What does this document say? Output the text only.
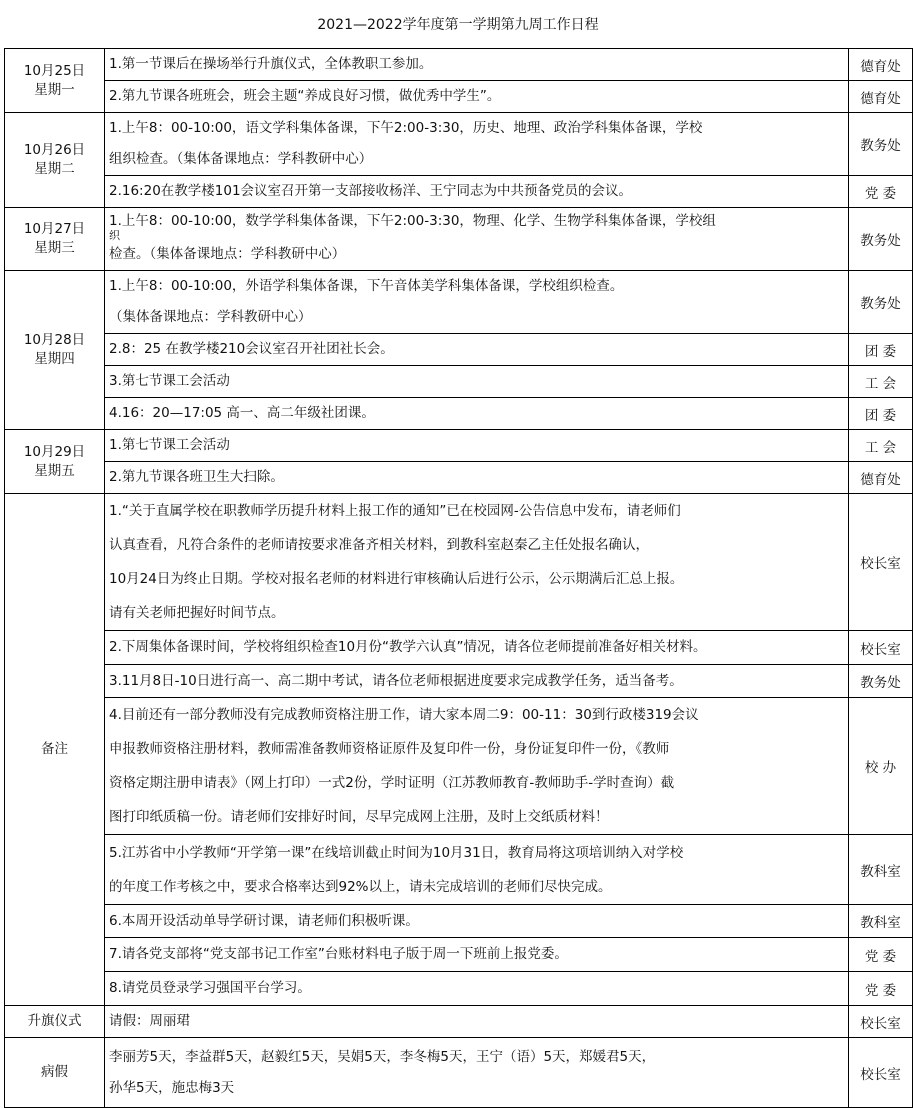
2021—2022学年度第一学期第九周工作日程
10月25日
星期一	1.第一节课后在操场举行升旗仪式，全体教职工参加。	德育处

	2.第九节课各班班会，班会主题“养成良好习惯，做优秀中学生”。	德育处

10月26日
星期二	1.上午8：00-10:00，语文学科集体备课，下午2:00-3:30，历史、地理、政治学科集体备课，学校
组织检查。（集体备课地点：学科教研中心）	教务处

	2.16:20在教学楼101会议室召开第一支部接收杨洋、王宁同志为中共预备党员的会议。	党 委

10月27日
星期三	1.上午8：00-10:00，数学学科集体备课，下午2:00-3:30，物理、化学、生物学科集体备课，学校组
织
检查。（集体备课地点：学科教研中心）	教务处

10月28日
星期四	1.上午8：00-10:00，外语学科集体备课，下午音体美学科集体备课，学校组织检查。
（集体备课地点：学科教研中心）	教务处

	2.8：25 在教学楼210会议室召开社团社长会。	团 委

	3.第七节课工会活动	工 会

	4.16：20—17:05 高一、高二年级社团课。	团 委

10月29日
星期五	1.第七节课工会活动	工 会

	2.第九节课各班卫生大扫除。	德育处
备注	1.“关于直属学校在职教师学历提升材料上报工作的通知”已在校园网-公告信息中发布，请老师们
认真查看，凡符合条件的老师请按要求准备齐相关材料，到教科室赵秦乙主任处报名确认，
10月24日为终止日期。学校对报名老师的材料进行审核确认后进行公示，公示期满后汇总上报。
请有关老师把握好时间节点。	校长室

	2.下周集体备课时间，学校将组织检查10月份“教学六认真”情况，请各位老师提前准备好相关材料。	校长室

	3.11月8日-10日进行高一、高二期中考试，请各位老师根据进度要求完成教学任务，适当备考。	教务处

	4.目前还有一部分教师没有完成教师资格注册工作，请大家本周二9：00-11：30到行政楼319会议
申报教师资格注册材料，教师需准备教师资格证原件及复印件一份，身份证复印件一份，《教师
资格定期注册申请表》（网上打印）一式2份，学时证明（江苏教师教育-教师助手-学时查询）截
图打印纸质稿一份。请老师们安排好时间，尽早完成网上注册，及时上交纸质材料！	校 办

	5.江苏省中小学教师“开学第一课”在线培训截止时间为10月31日，教育局将这项培训纳入对学校
的年度工作考核之中，要求合格率达到92%以上，请未完成培训的老师们尽快完成。	教科室

	6.本周开设活动单导学研讨课，请老师们积极听课。	教科室

	7.请各党支部将“党支部书记工作室”台账材料电子版于周一下班前上报党委。	党 委

	8.请党员登录学习强国平台学习。	党 委
升旗仪式	请假：周丽珺	校长室
病假	李丽芳5天，李益群5天，赵毅红5天，吴娟5天，李冬梅5天，王宁（语）5天，郑媛君5天，
孙华5天，施忠梅3天	校长室
